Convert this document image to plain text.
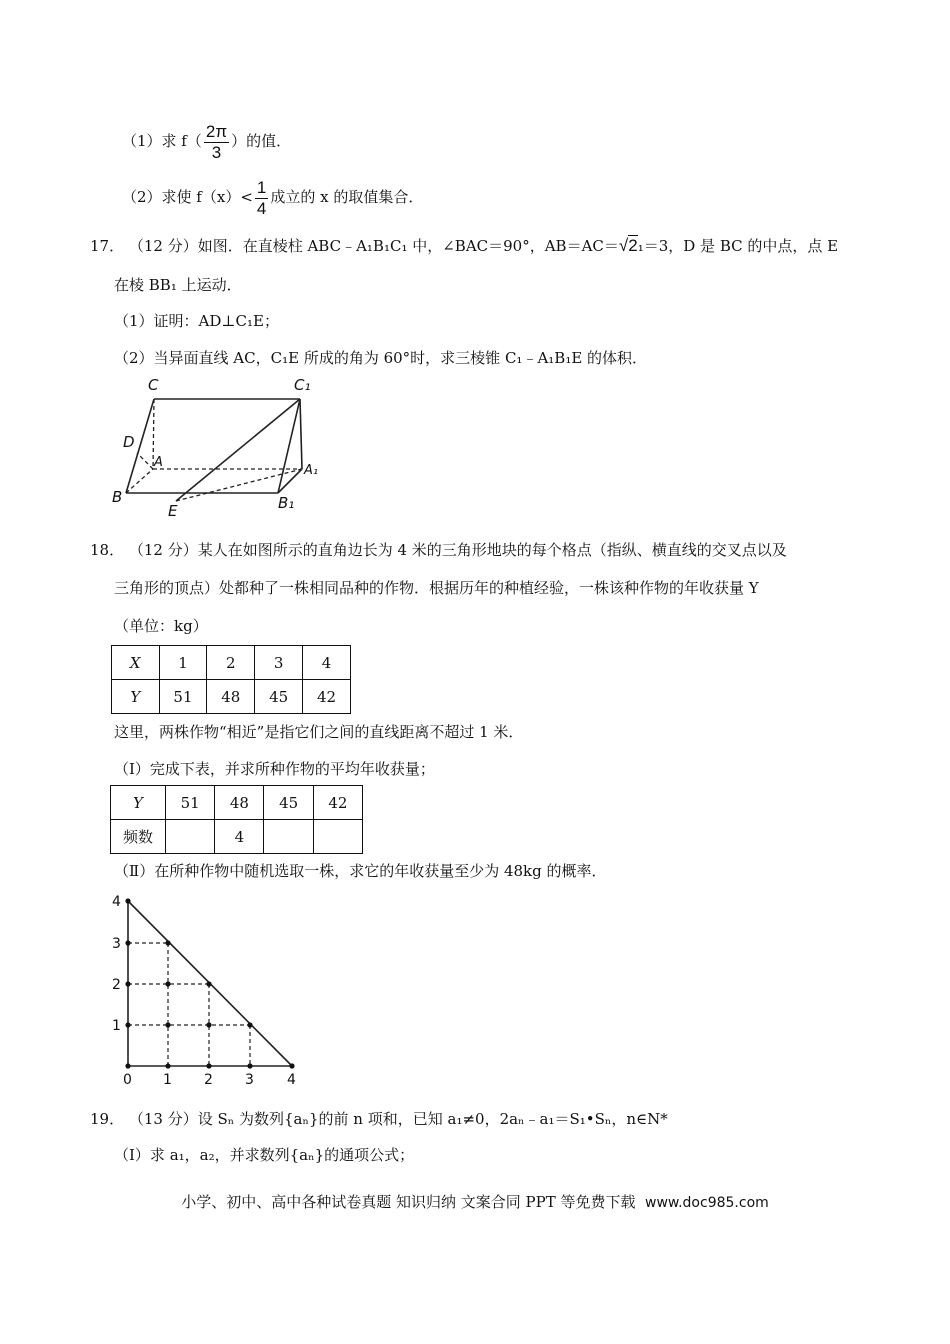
（1）求 $f( \frac{2\pi}{3}$ ）的值．
（2）求使 $f(x)< \frac{1}{4}$ 成立的 x 的取值集合．
17． （12 分）如图．在直棱柱 ABC﹣A₁B₁C₁ 中，∠BAC＝90°，AB＝AC＝√2₁＝3，D 是 BC 的中点，点 E
在棱 BB₁ 上运动．
（1）证明：AD⊥C₁E；
（2）当异面直线 AC，C₁E 所成的角为 60°时，求三棱锥 C₁﹣A₁B₁E 的体积．
C	C₁
D
A
A₁
B	B₁
E
18． （12 分）某人在如图所示的直角边长为 4 米的三角形地块的每个格点（指纵、横直线的交叉点以及
三角形的顶点）处都种了一株相同品种的作物．根据历年的种植经验，一株该种作物的年收获量 Y
（单位：kg）
X	1	2	3	4
Y	51	48	45	42
这里，两株作物“相近”是指它们之间的直线距离不超过 1 米．
（Ⅰ）完成下表，并求所种作物的平均年收获量；
Y	51	48	45	42
频数		4		
（Ⅱ）在所种作物中随机选取一株，求它的年收获量至少为 48kg 的概率．
4
3
2
1
0 1 2 3 4
19． （13 分）设 Sₙ 为数列{aₙ}的前 n 项和，已知 a₁≠0，2aₙ﹣a₁＝S₁•Sₙ，n∈N*
（Ⅰ）求 a₁，a₂，并求数列{aₙ}的通项公式；
小学、初中、高中各种试卷真题 知识归纳 文案合同 PPT 等免费下载 www.doc985.com
